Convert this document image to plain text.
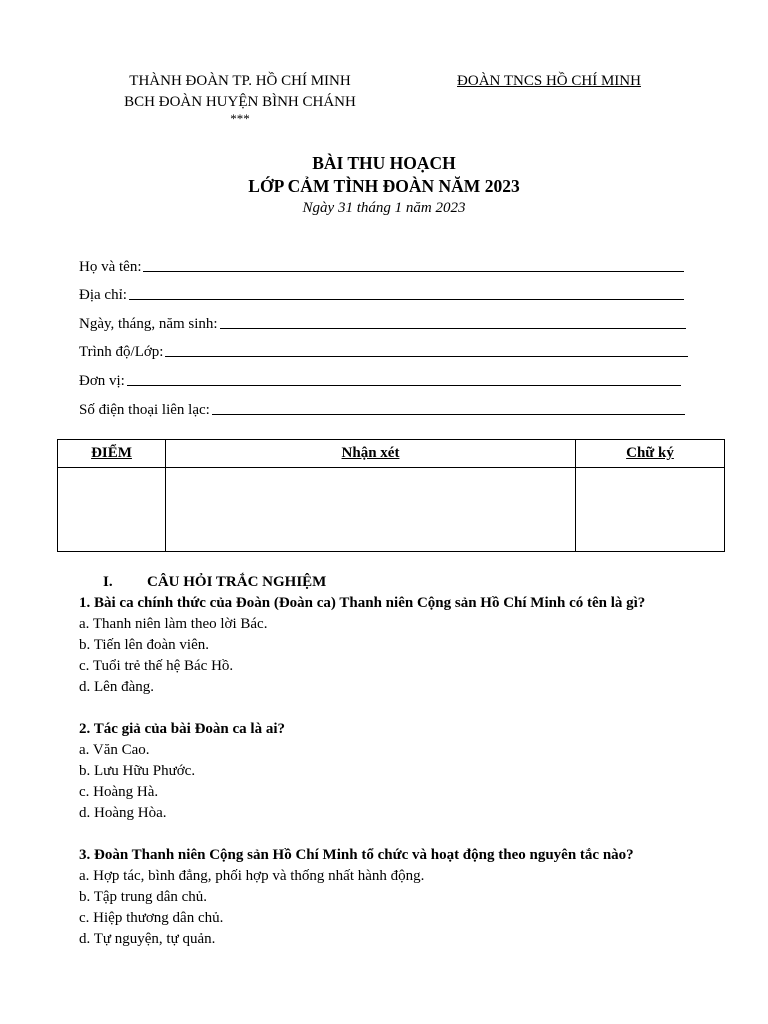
THÀNH ĐOÀN TP. HỒ CHÍ MINH
BCH ĐOÀN HUYỆN BÌNH CHÁNH
***
ĐOÀN TNCS HỒ CHÍ MINH
BÀI THU HOẠCH
LỚP CẢM TÌNH ĐOÀN NĂM 2023
Ngày 31 tháng 1 năm 2023
Họ và tên:
Địa chỉ:
Ngày, tháng, năm sinh:
Trình độ/Lớp:
Đơn vị:
Số điện thoại liên lạc:
ĐIỂM	Nhận xét	Chữ ký

I. CÂU HỎI TRẮC NGHIỆM
1. Bài ca chính thức của Đoàn (Đoàn ca) Thanh niên Cộng sản Hồ Chí Minh có tên là gì?
a. Thanh niên làm theo lời Bác.
b. Tiến lên đoàn viên.
c. Tuổi trẻ thế hệ Bác Hồ.
d. Lên đàng.
2. Tác giả của bài Đoàn ca là ai?
a. Văn Cao.
b. Lưu Hữu Phước.
c. Hoàng Hà.
d. Hoàng Hòa.
3. Đoàn Thanh niên Cộng sản Hồ Chí Minh tổ chức và hoạt động theo nguyên tắc nào?
a. Hợp tác, bình đẳng, phối hợp và thống nhất hành động.
b. Tập trung dân chủ.
c. Hiệp thương dân chủ.
d. Tự nguyện, tự quản.
